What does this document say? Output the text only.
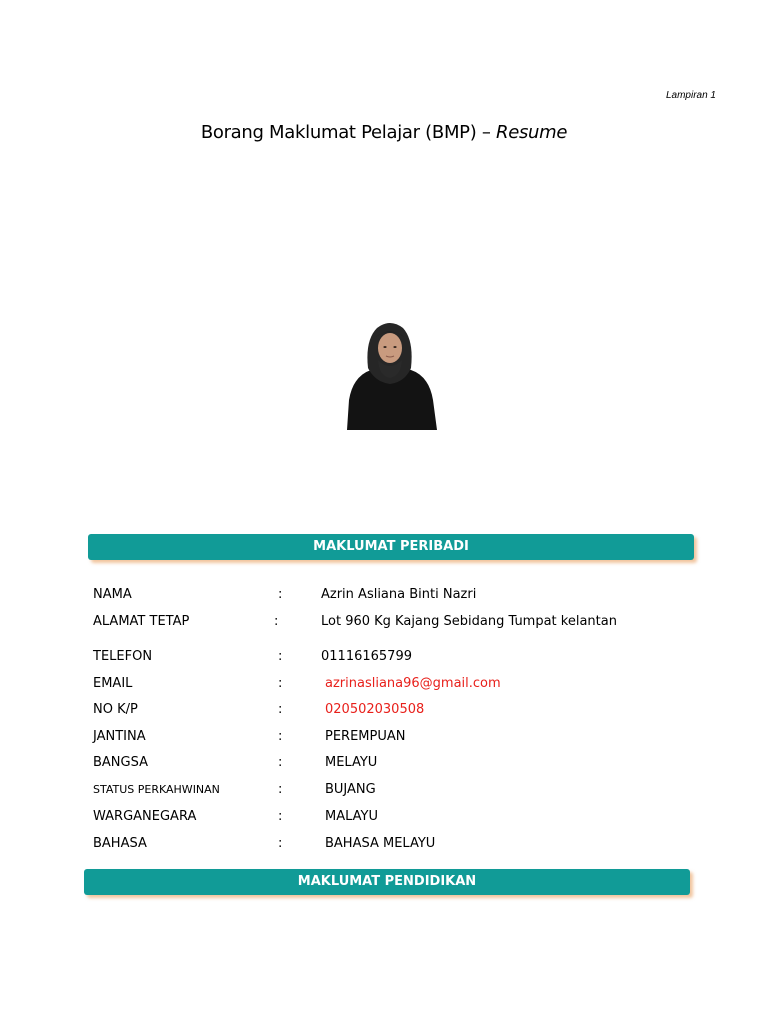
Lampiran 1
Borang Maklumat Pelajar (BMP) – Resume
MAKLUMAT PERIBADI
NAMA	:	Azrin Asliana Binti Nazri
ALAMAT TETAP	:	Lot 960 Kg Kajang Sebidang Tumpat kelantan
TELEFON	:	01116165799
EMAIL	:	azrinasliana96@gmail.com
NO K/P	:	020502030508
JANTINA	:	PEREMPUAN
BANGSA	:	MELAYU
STATUS PERKAHWINAN	:	BUJANG
WARGANEGARA	:	MALAYU
BAHASA	:	BAHASA MELAYU
MAKLUMAT PENDIDIKAN
